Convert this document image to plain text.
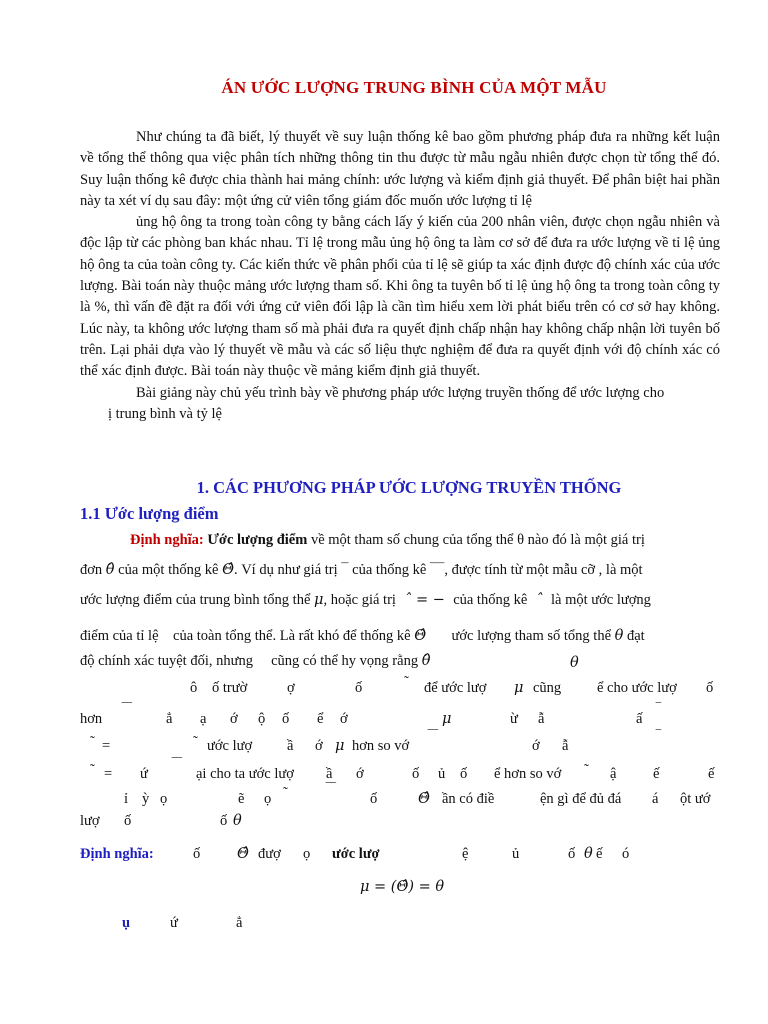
ÁN ƯỚC LƯỢNG TRUNG BÌNH CỦA MỘT MẪU

Như chúng ta đã biết, lý thuyết về suy luận thống kê bao gồm phương pháp đưa ra những kết luận về tổng thể thông qua việc phân tích những thông tin thu được từ mẫu ngẫu nhiên được chọn từ tổng thể đó. Suy luận thống kê được chia thành hai mảng chính: ước lượng và kiểm định giả thuyết. Để phân biệt hai phần này ta xét ví dụ sau đây: một ứng cử viên tổng giám đốc muốn ước lượng tỉ lệ

ủng hộ ông ta trong toàn công ty bằng cách lấy ý kiến của 200 nhân viên, được chọn ngẫu nhiên và độc lập từ các phòng ban khác nhau. Tỉ lệ trong mẫu ủng hộ ông ta làm cơ sở để đưa ra ước lượng về tỉ lệ ủng hộ ông ta của toàn công ty. Các kiến thức về phân phối của tỉ lệ sẽ giúp ta xác định được độ chính xác của ước lượng. Bài toán này thuộc mảng ước lượng tham số. Khi ông ta tuyên bố tỉ lệ ủng hộ ông ta trong toàn công ty là %, thì vấn đề đặt ra đối với ứng cử viên đối lập là cần tìm hiểu xem lời phát biểu trên có cơ sở hay không. Lúc này, ta không ước lượng tham số mà phải đưa ra quyết định chấp nhận hay không chấp nhận lời tuyên bố trên. Lại phải dựa vào lý thuyết về mẫu và các số liệu thực nghiệm để đưa ra quyết định với độ chính xác có thể xác định được. Bài toán này thuộc về mảng kiểm định giả thuyết.

Bài giảng này chủ yếu trình bày về phương pháp ước lượng truyền thống để ước lượng cho

ị trung bình và tỷ lệ

1. CÁC PHƯƠNG PHÁP ƯỚC LƯỢNG TRUYỀN THỐNG
1.1 Ước lượng điểm
Định nghĩa: Ước lượng điểm về một tham số chung của tổng thể θ nào đó là một giá trị
đơn θ̂ của một thống kê Θ̂. Ví dụ như giá trị ‾ của thống kê ‾‾, được tính từ một mẫu cỡ , là một
ước lượng điểm của trung bình tổng thể μ, hoặc giá trị  ˆ = −  của thống kê  ˆ  là một ước lượng
điểm của tỉ lệ của toàn tổng thể. Là rất khó để thống kê Θ̂ ước lượng tham số tổng thể θ đạt
độ chính xác tuyệt đối, nhưng cũng có thể hy vọng rằng θ̂	θ
ô ố trườ	ợ	ố	˜ để ước lượ μ cũng ể cho ước lượ ố
hơn
‾‾
ẳ ạ ớ ộ ố ể ớ	μ	ừ ẫ	ấ
‾
˜ =	˜ ước lượ ầ ớ μ hơn so vớ
‾‾
ớ ẫ
‾
˜ = ứ
‾‾
ại cho ta ước lượ ầ ớ	ố ủ ố ể hơn so vớ ˜ ậ	ế	ế
ỉ ỳ ọ	ẽ ọ ˜	‾‾
ố	Θ̂ ần có điề	ện gì để đủ đá á ột ướ
lượ ố	ố θ
Định nghĩa:	ố	Θ̂ đượ ọ ước lượ	ệ	ủ	ố θ ế ó
μ = (Θ̂) = θ
ụ	ứ	ẳ
